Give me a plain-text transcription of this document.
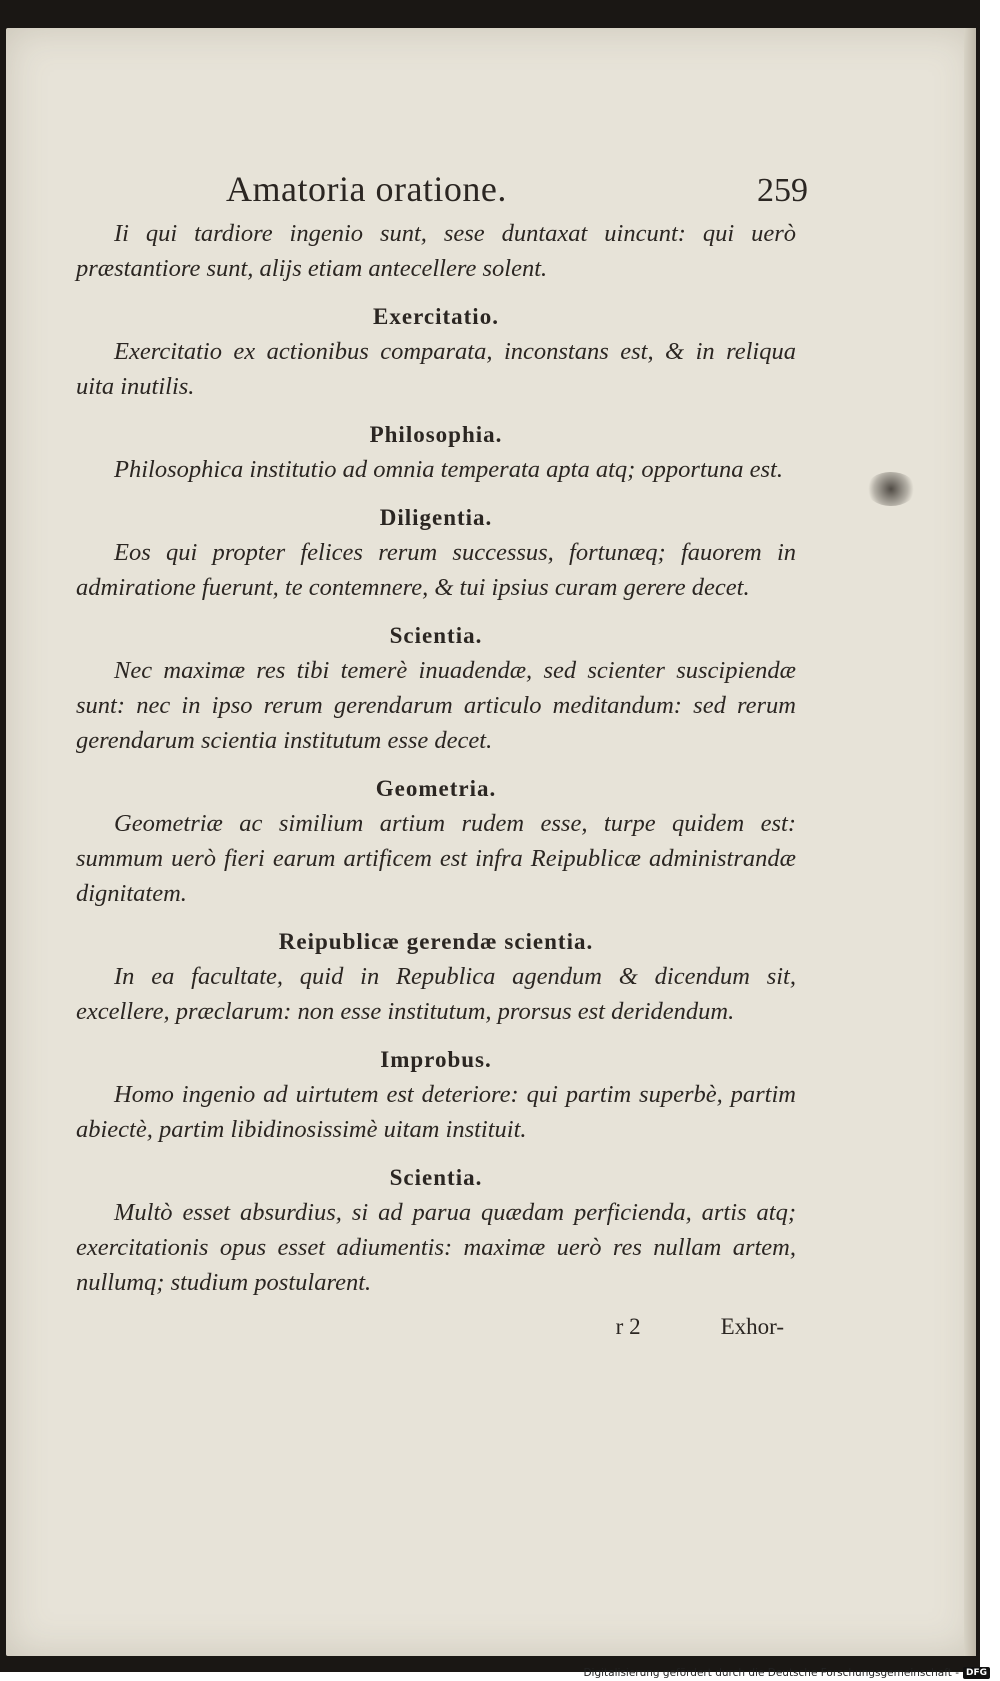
Amatoria oratione.	259

Ii qui tardiore ingenio sunt, sese duntaxat uincunt: qui uerò præstantiore sunt, alijs etiam antecellere solent.

Exercitatio.

Exercitatio ex actionibus comparata, inconstans est, & in reliqua uita inutilis.

Philosophia.

Philosophica institutio ad omnia temperata apta atq; opportuna est.

Diligentia.

Eos qui propter felices rerum successus, fortunæq; fauorem in admiratione fuerunt, te contemnere, & tui ipsius curam gerere decet.

Scientia.

Nec maximæ res tibi temerè inuadendæ, sed scienter suscipiendæ sunt: nec in ipso rerum gerendarum articulo meditandum: sed rerum gerendarum scientia institutum esse decet.

Geometria.

Geometriæ ac similium artium rudem esse, turpe quidem est: summum uerò fieri earum artificem est infra Reipublicæ administrandæ dignitatem.

Reipublicæ gerendæ scientia.

In ea facultate, quid in Republica agendum & dicendum sit, excellere, præclarum: non esse institutum, prorsus est deridendum.

Improbus.

Homo ingenio ad uirtutem est deteriore: qui partim superbè, partim abiectè, partim libidinosissimè uitam instituit.

Scientia.

Multò esset absurdius, si ad parua quædam perficienda, artis atq; exercitationis opus esset adiumentis: maximæ uerò res nullam artem, nullumq; studium postularent.

r 2	Exhor-
Digitalisierung gefördert durch die Deutsche Forschungsgemeinschaft - DFG
